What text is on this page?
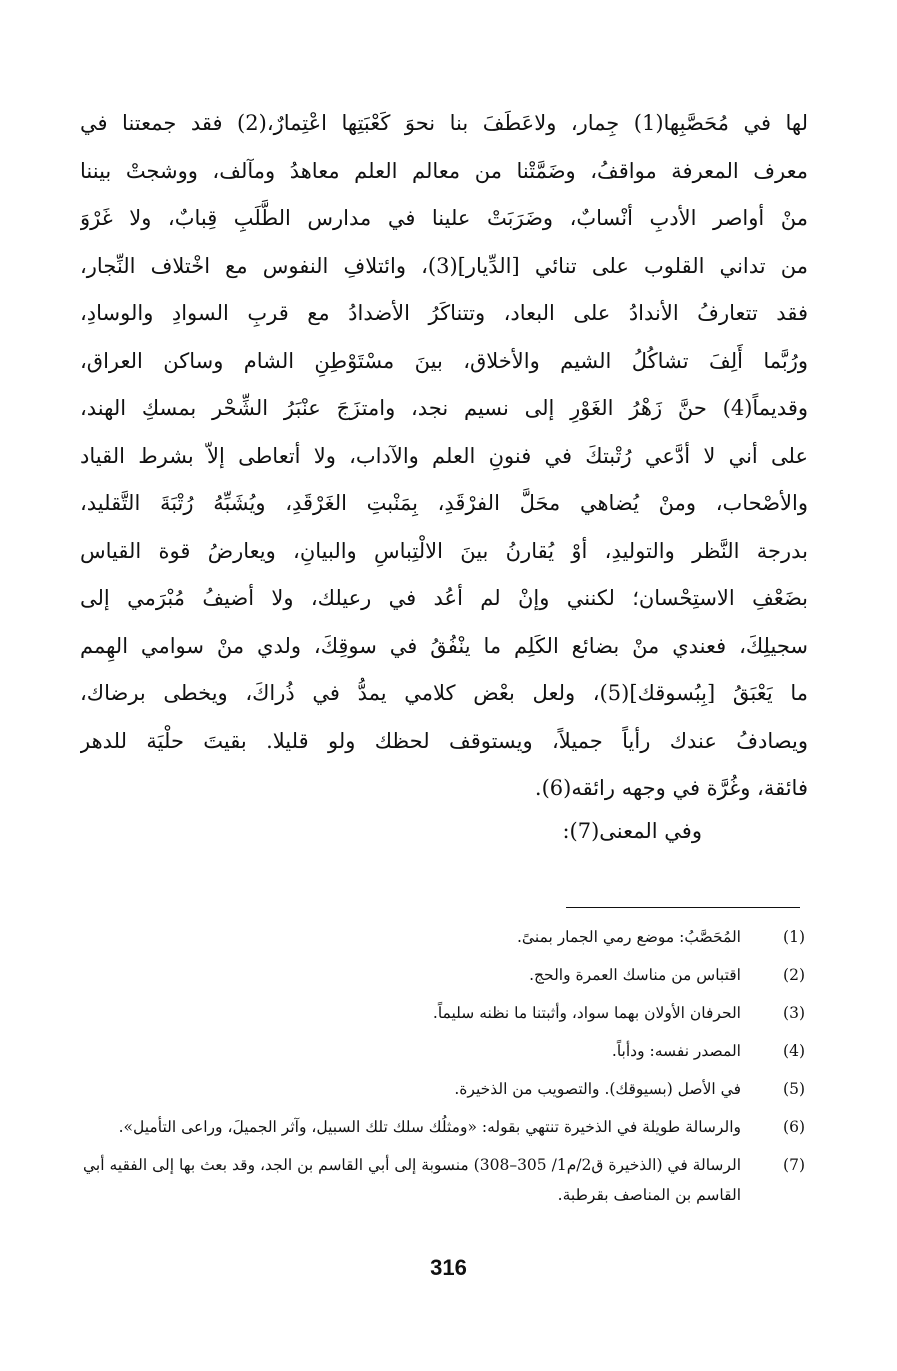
لها في مُحَصَّبِها(1) جِمار، ولاعَطَفَ بنا نحوَ كَعْبَتِها اعْتِمارٌ،(2) فقد جمعتنا في
معرف المعرفة مواقفُ، وضَمَّتْنا من معالم العلم معاهدُ ومآلف، ووشجتْ بيننا
منْ أواصر الأدبِ أنْسابٌ، وضَرَبَتْ علينا في مدارس الطَّلَبِ قِبابٌ، ولا غَرْوَ
من تداني القلوب على تنائي [الدِّيار](3)، وائتلافِ النفوس مع اخْتلاف النِّجار،
فقد تتعارفُ الأندادُ على البعاد، وتتناكَرُ الأضدادُ مع قربِ السوادِ والوسادِ،
ورُبَّما أَلِفَ تشاكُلُ الشيم والأخلاق، بينَ مسْتَوْطِنِ الشام وساكن العراق،
وقديماً(4) حنَّ زَهْرُ الغَوْرِ إلى نسيم نجد، وامتزَجَ عنْبَرُ الشِّحْر بمسكِ الهند،
على أني لا أدَّعي رُتْبتكَ في فنونِ العلم والآداب، ولا أتعاطى إلاّ بشرط القياد
والأصْحاب، ومنْ يُضاهي محَلَّ الفرْقَدِ، بِمَنْبتِ الغَرْقَدِ، ويُشَبِّهُ رُتْبَةَ التَّقليد،
بدرجة النَّظر والتوليدِ، أوْ يُقارنُ بينَ الالْتِباسِ والبيانِ، ويعارضُ قوة القياس
بضَعْفِ الاستِحْسان؛ لكنني وإنْ لم أعُد في رعيلك، ولا أضيفُ مُبْرَمي إلى
سجيلِكَ، فعندي منْ بضائع الكَلِم ما ينْفُقُ في سوقِكَ، ولدي منْ سوامي الهِمم
ما يَعْبَقُ [بِبُسوقك](5)، ولعل بعْض كلامي يمدُّ في ذُراكَ، ويخطى برضاك،
ويصادفُ عندك رأياً جميلاً، ويستوقف لحظك ولو قليلا. بقيتَ حلْيَة للدهر
فائقة، وغُرَّة في وجهه رائقه(6).
وفي المعنى(7):
(1)
المُحَصَّبُ: موضع رمي الجمار بمنىً.
(2)
اقتباس من مناسك العمرة والحج.
(3)
الحرفان الأولان بهما سواد، وأثبتنا ما نظنه سليماً.
(4)
المصدر نفسه: ودأباً.
(5)
في الأصل (بسيوقك). والتصويب من الذخيرة.
(6)
والرسالة طويلة في الذخيرة تنتهي بقوله: «ومثلُك سلك تلك السبيل، وآثر الجميلَ، وراعى التأميل».
(7)
الرسالة في (الذخيرة ق2/م1/ 305–308) منسوبة إلى أبي القاسم بن الجد، وقد بعث بها إلى الفقيه أبي القاسم بن المناصف بقرطبة.
316
